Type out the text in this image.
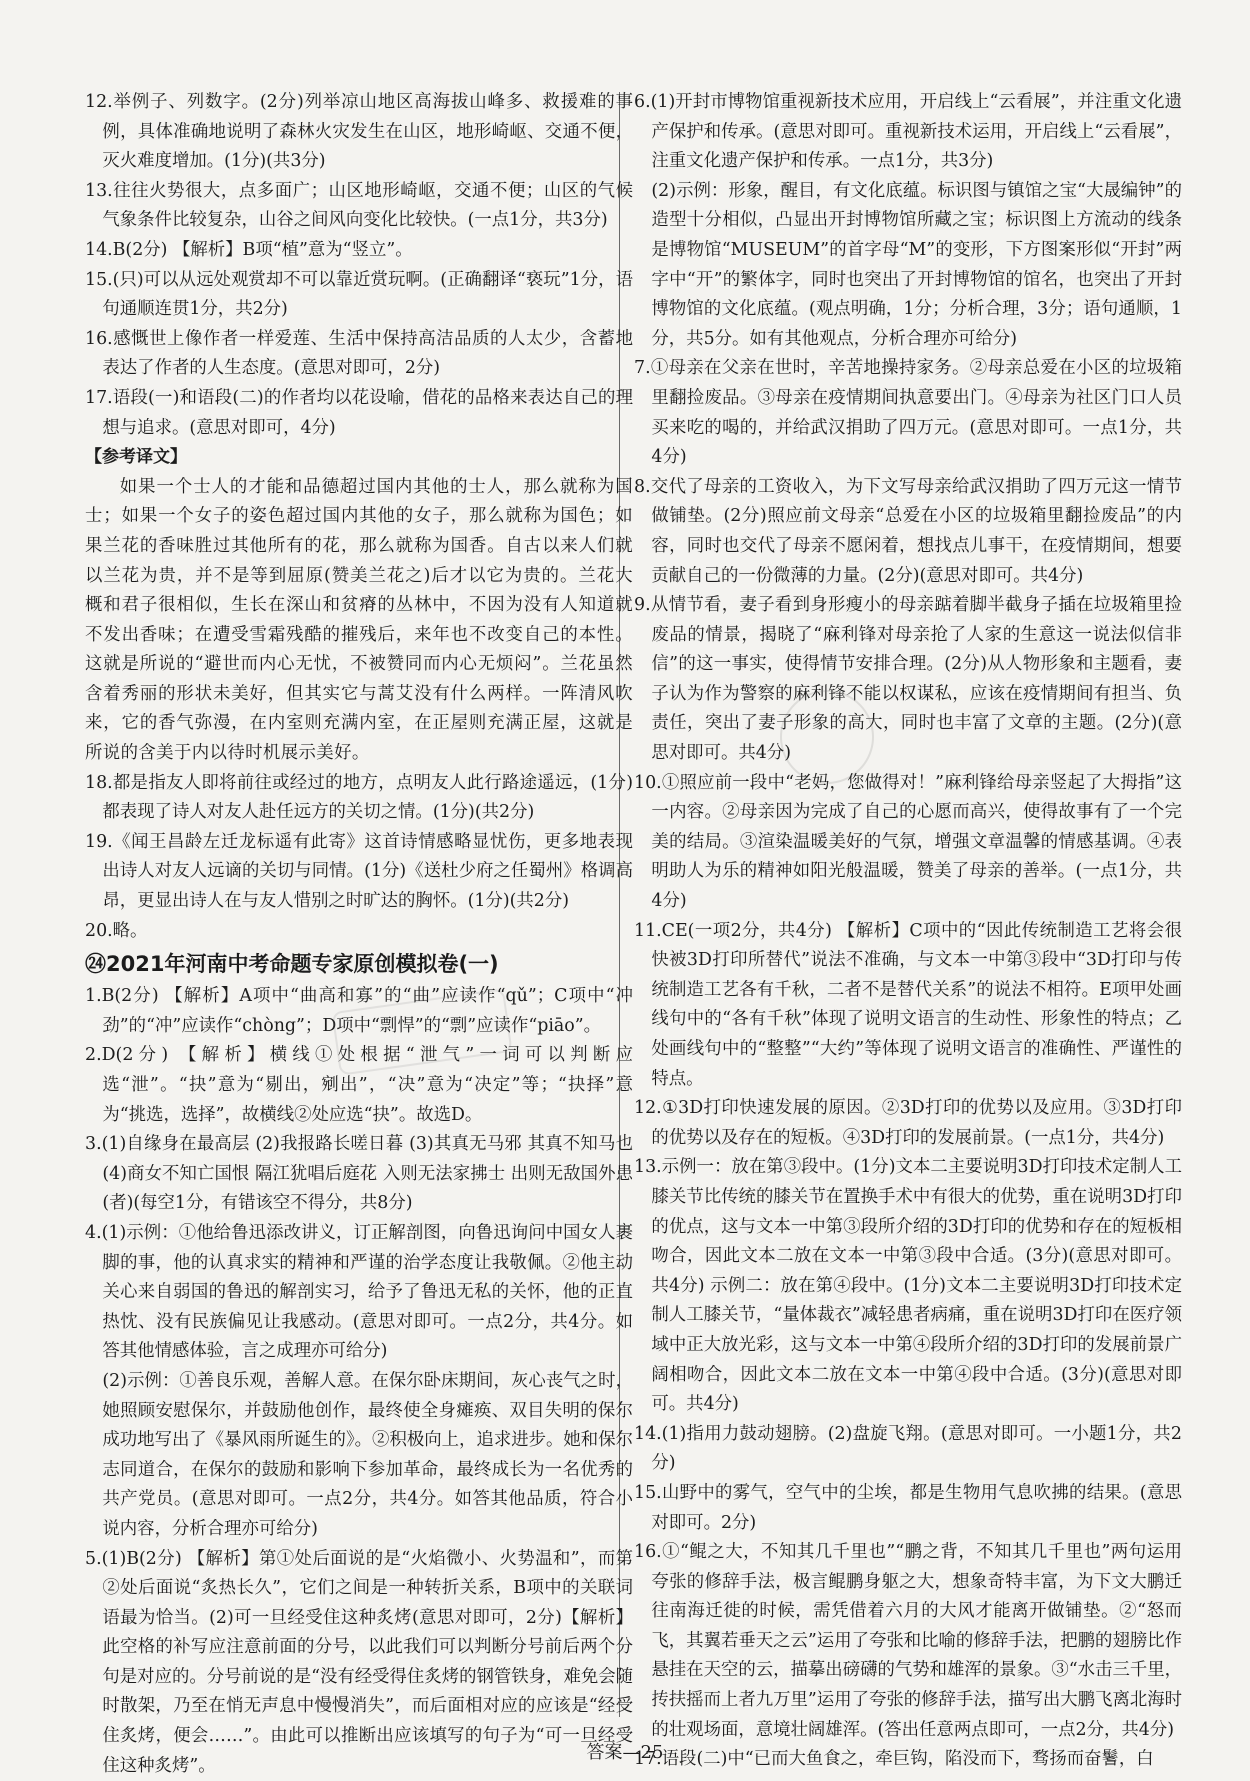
12.举例子、列数字。(2分)列举凉山地区高海拔山峰多、救援难的事例，具体准确地说明了森林火灾发生在山区，地形崎岖、交通不便，灭火难度增加。(1分)(共3分)

13.往往火势很大，点多面广；山区地形崎岖，交通不便；山区的气候气象条件比较复杂，山谷之间风向变化比较快。(一点1分，共3分)

14.B(2分) 【解析】B项“植”意为“竖立”。

15.(只)可以从远处观赏却不可以靠近赏玩啊。(正确翻译“亵玩”1分，语句通顺连贯1分，共2分)

16.感慨世上像作者一样爱莲、生活中保持高洁品质的人太少，含蓄地表达了作者的人生态度。(意思对即可，2分)

17.语段(一)和语段(二)的作者均以花设喻，借花的品格来表达自己的理想与追求。(意思对即可，4分)

【参考译文】

如果一个士人的才能和品德超过国内其他的士人，那么就称为国士；如果一个女子的姿色超过国内其他的女子，那么就称为国色；如果兰花的香味胜过其他所有的花，那么就称为国香。自古以来人们就以兰花为贵，并不是等到屈原(赞美兰花之)后才以它为贵的。兰花大概和君子很相似，生长在深山和贫瘠的丛林中，不因为没有人知道就不发出香味；在遭受雪霜残酷的摧残后，来年也不改变自己的本性。这就是所说的“避世而内心无忧，不被赞同而内心无烦闷”。兰花虽然含着秀丽的形状未美好，但其实它与蒿艾没有什么两样。一阵清风吹来，它的香气弥漫，在内室则充满内室，在正屋则充满正屋，这就是所说的含美于内以待时机展示美好。

18.都是指友人即将前往或经过的地方，点明友人此行路途遥远，(1分)都表现了诗人对友人赴任远方的关切之情。(1分)(共2分)

19.《闻王昌龄左迁龙标遥有此寄》这首诗情感略显忧伤，更多地表现出诗人对友人远谪的关切与同情。(1分)《送杜少府之任蜀州》格调高昂，更显出诗人在与友人惜别之时旷达的胸怀。(1分)(共2分)

20.略。

㉔2021年河南中考命题专家原创模拟卷(一)

1.B(2分) 【解析】A项中“曲高和寡”的“曲”应读作“qǔ”；C项中“冲劲”的“冲”应读作“chòng”；D项中“剽悍”的“剽”应读作“piāo”。

2.D(2分) 【解析】横线①处根据“泄气”一词可以判断应选“泄”。“抉”意为“剔出，剜出”，“决”意为“决定”等；“抉择”意为“挑选，选择”，故横线②处应选“抉”。故选D。

3.(1)自缘身在最高层 (2)我报路长嗟日暮 (3)其真无马邪 其真不知马也 (4)商女不知亡国恨 隔江犹唱后庭花 入则无法家拂士 出则无敌国外患(者)(每空1分，有错该空不得分，共8分)

4.(1)示例：①他给鲁迅添改讲义，订正解剖图，向鲁迅询问中国女人裹脚的事，他的认真求实的精神和严谨的治学态度让我敬佩。②他主动关心来自弱国的鲁迅的解剖实习，给予了鲁迅无私的关怀，他的正直热忱、没有民族偏见让我感动。(意思对即可。一点2分，共4分。如答其他情感体验，言之成理亦可给分)

(2)示例：①善良乐观，善解人意。在保尔卧床期间，灰心丧气之时，她照顾安慰保尔，并鼓励他创作，最终使全身瘫痪、双目失明的保尔成功地写出了《暴风雨所诞生的》。②积极向上，追求进步。她和保尔志同道合，在保尔的鼓励和影响下参加革命，最终成长为一名优秀的共产党员。(意思对即可。一点2分，共4分。如答其他品质，符合小说内容，分析合理亦可给分)

5.(1)B(2分) 【解析】第①处后面说的是“火焰微小、火势温和”，而第②处后面说“炙热长久”，它们之间是一种转折关系，B项中的关联词语最为恰当。(2)可一旦经受住这种炙烤(意思对即可，2分)【解析】此空格的补写应注意前面的分号，以此我们可以判断分号前后两个分句是对应的。分号前说的是“没有经受得住炙烤的钢管铁身，难免会随时散架，乃至在悄无声息中慢慢消失”，而后面相对应的应该是“经受住炙烤，便会……”。由此可以推断出应该填写的句子为“可一旦经受住这种炙烤”。

6.(1)开封市博物馆重视新技术应用，开启线上“云看展”，并注重文化遗产保护和传承。(意思对即可。重视新技术运用，开启线上“云看展”，注重文化遗产保护和传承。一点1分，共3分)

(2)示例：形象，醒目，有文化底蕴。标识图与镇馆之宝“大晟编钟”的造型十分相似，凸显出开封博物馆所藏之宝；标识图上方流动的线条是博物馆“MUSEUM”的首字母“M”的变形，下方图案形似“开封”两字中“开”的繁体字，同时也突出了开封博物馆的馆名，也突出了开封博物馆的文化底蕴。(观点明确，1分；分析合理，3分；语句通顺，1分，共5分。如有其他观点，分析合理亦可给分)

7.①母亲在父亲在世时，辛苦地操持家务。②母亲总爱在小区的垃圾箱里翻捡废品。③母亲在疫情期间执意要出门。④母亲为社区门口人员买来吃的喝的，并给武汉捐助了四万元。(意思对即可。一点1分，共4分)

8.交代了母亲的工资收入，为下文写母亲给武汉捐助了四万元这一情节做铺垫。(2分)照应前文母亲“总爱在小区的垃圾箱里翻捡废品”的内容，同时也交代了母亲不愿闲着，想找点儿事干，在疫情期间，想要贡献自己的一份微薄的力量。(2分)(意思对即可。共4分)

9.从情节看，妻子看到身形瘦小的母亲踮着脚半截身子插在垃圾箱里捡废品的情景，揭晓了“麻利锋对母亲抢了人家的生意这一说法似信非信”的这一事实，使得情节安排合理。(2分)从人物形象和主题看，妻子认为作为警察的麻利锋不能以权谋私，应该在疫情期间有担当、负责任，突出了妻子形象的高大，同时也丰富了文章的主题。(2分)(意思对即可。共4分)

10.①照应前一段中“老妈，您做得对！”麻利锋给母亲竖起了大拇指”这一内容。②母亲因为完成了自己的心愿而高兴，使得故事有了一个完美的结局。③渲染温暖美好的气氛，增强文章温馨的情感基调。④表明助人为乐的精神如阳光般温暖，赞美了母亲的善举。(一点1分，共4分)

11.CE(一项2分，共4分) 【解析】C项中的“因此传统制造工艺将会很快被3D打印所替代”说法不准确，与文本一中第③段中“3D打印与传统制造工艺各有千秋，二者不是替代关系”的说法不相符。E项甲处画线句中的“各有千秋”体现了说明文语言的生动性、形象性的特点；乙处画线句中的“整整”“大约”等体现了说明文语言的准确性、严谨性的特点。

12.①3D打印快速发展的原因。②3D打印的优势以及应用。③3D打印的优势以及存在的短板。④3D打印的发展前景。(一点1分，共4分)

13.示例一：放在第③段中。(1分)文本二主要说明3D打印技术定制人工膝关节比传统的膝关节在置换手术中有很大的优势，重在说明3D打印的优点，这与文本一中第③段所介绍的3D打印的优势和存在的短板相吻合，因此文本二放在文本一中第③段中合适。(3分)(意思对即可。共4分) 示例二：放在第④段中。(1分)文本二主要说明3D打印技术定制人工膝关节，“量体裁衣”减轻患者病痛，重在说明3D打印在医疗领域中正大放光彩，这与文本一中第④段所介绍的3D打印的发展前景广阔相吻合，因此文本二放在文本一中第④段中合适。(3分)(意思对即可。共4分)

14.(1)指用力鼓动翅膀。(2)盘旋飞翔。(意思对即可。一小题1分，共2分)

15.山野中的雾气，空气中的尘埃，都是生物用气息吹拂的结果。(意思对即可。2分)

16.①“鲲之大，不知其几千里也”“鹏之背，不知其几千里也”两句运用夸张的修辞手法，极言鲲鹏身躯之大，想象奇特丰富，为下文大鹏迁往南海迁徙的时候，需凭借着六月的大风才能离开做铺垫。②“怒而飞，其翼若垂天之云”运用了夸张和比喻的修辞手法，把鹏的翅膀比作悬挂在天空的云，描摹出磅礴的气势和雄浑的景象。③“水击三千里，抟扶摇而上者九万里”运用了夸张的修辞手法，描写出大鹏飞离北海时的壮观场面，意境壮阔雄浑。(答出任意两点即可，一点2分，共4分)

17.语段(二)中“已而大鱼食之，牵巨钩，陷没而下，骛扬而奋鬐，白

答案—25
